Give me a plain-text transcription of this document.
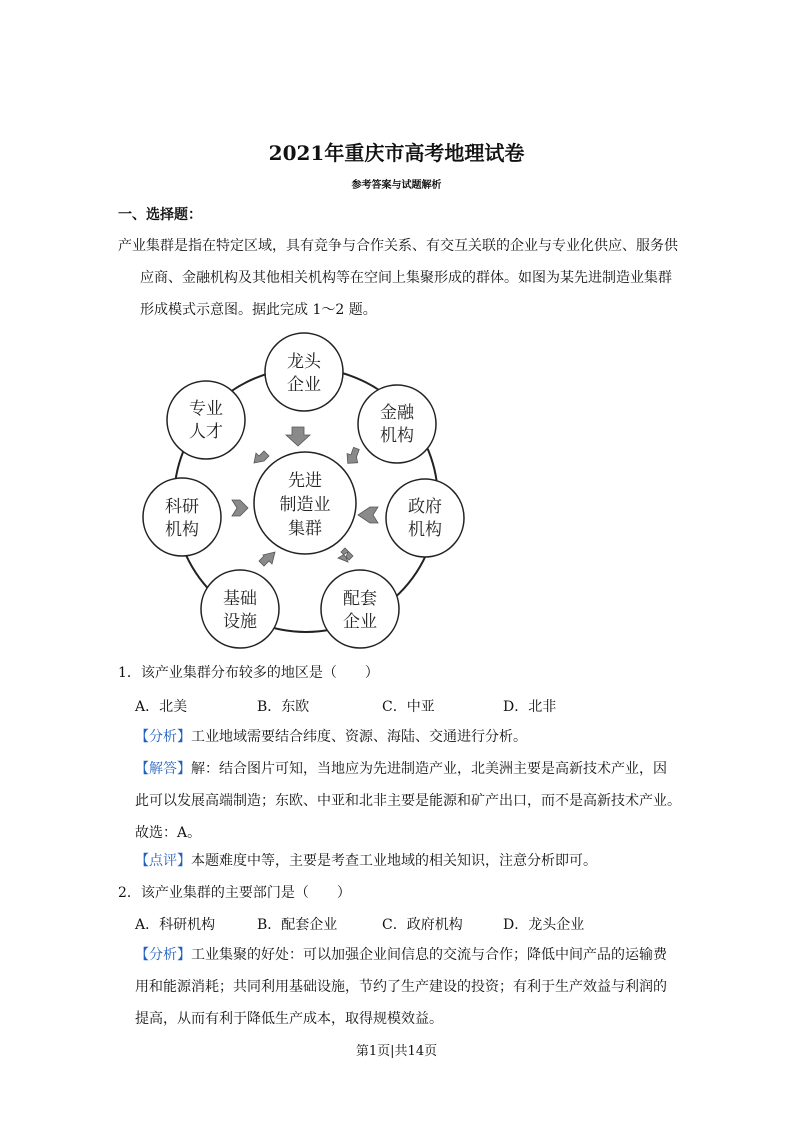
2021年重庆市高考地理试卷
参考答案与试题解析
一、选择题：
产业集群是指在特定区域，具有竞争与合作关系、有交互关联的企业与专业化供应、服务供
应商、金融机构及其他相关机构等在空间上集聚形成的群体。如图为某先进制造业集群
形成模式示意图。据此完成 1～2 题。
先进
制造业
集群
龙头
企业
金融
机构
政府
机构
配套
企业
基础
设施
科研
机构
专业
人才
1．该产业集群分布较多的地区是（　　）
A．北美	B．东欧	C．中亚	D．北非
【分析】工业地域需要结合纬度、资源、海陆、交通进行分析。
【解答】解：结合图片可知，当地应为先进制造产业，北美洲主要是高新技术产业，因
此可以发展高端制造；东欧、中亚和北非主要是能源和矿产出口，而不是高新技术产业。
故选：A。
【点评】本题难度中等，主要是考查工业地域的相关知识，注意分析即可。
2．该产业集群的主要部门是（　　）
A．科研机构	B．配套企业	C．政府机构	D．龙头企业
【分析】工业集聚的好处：可以加强企业间信息的交流与合作；降低中间产品的运输费
用和能源消耗；共同利用基础设施，节约了生产建设的投资；有利于生产效益与利润的
提高，从而有利于降低生产成本，取得规模效益。
第1页|共14页
